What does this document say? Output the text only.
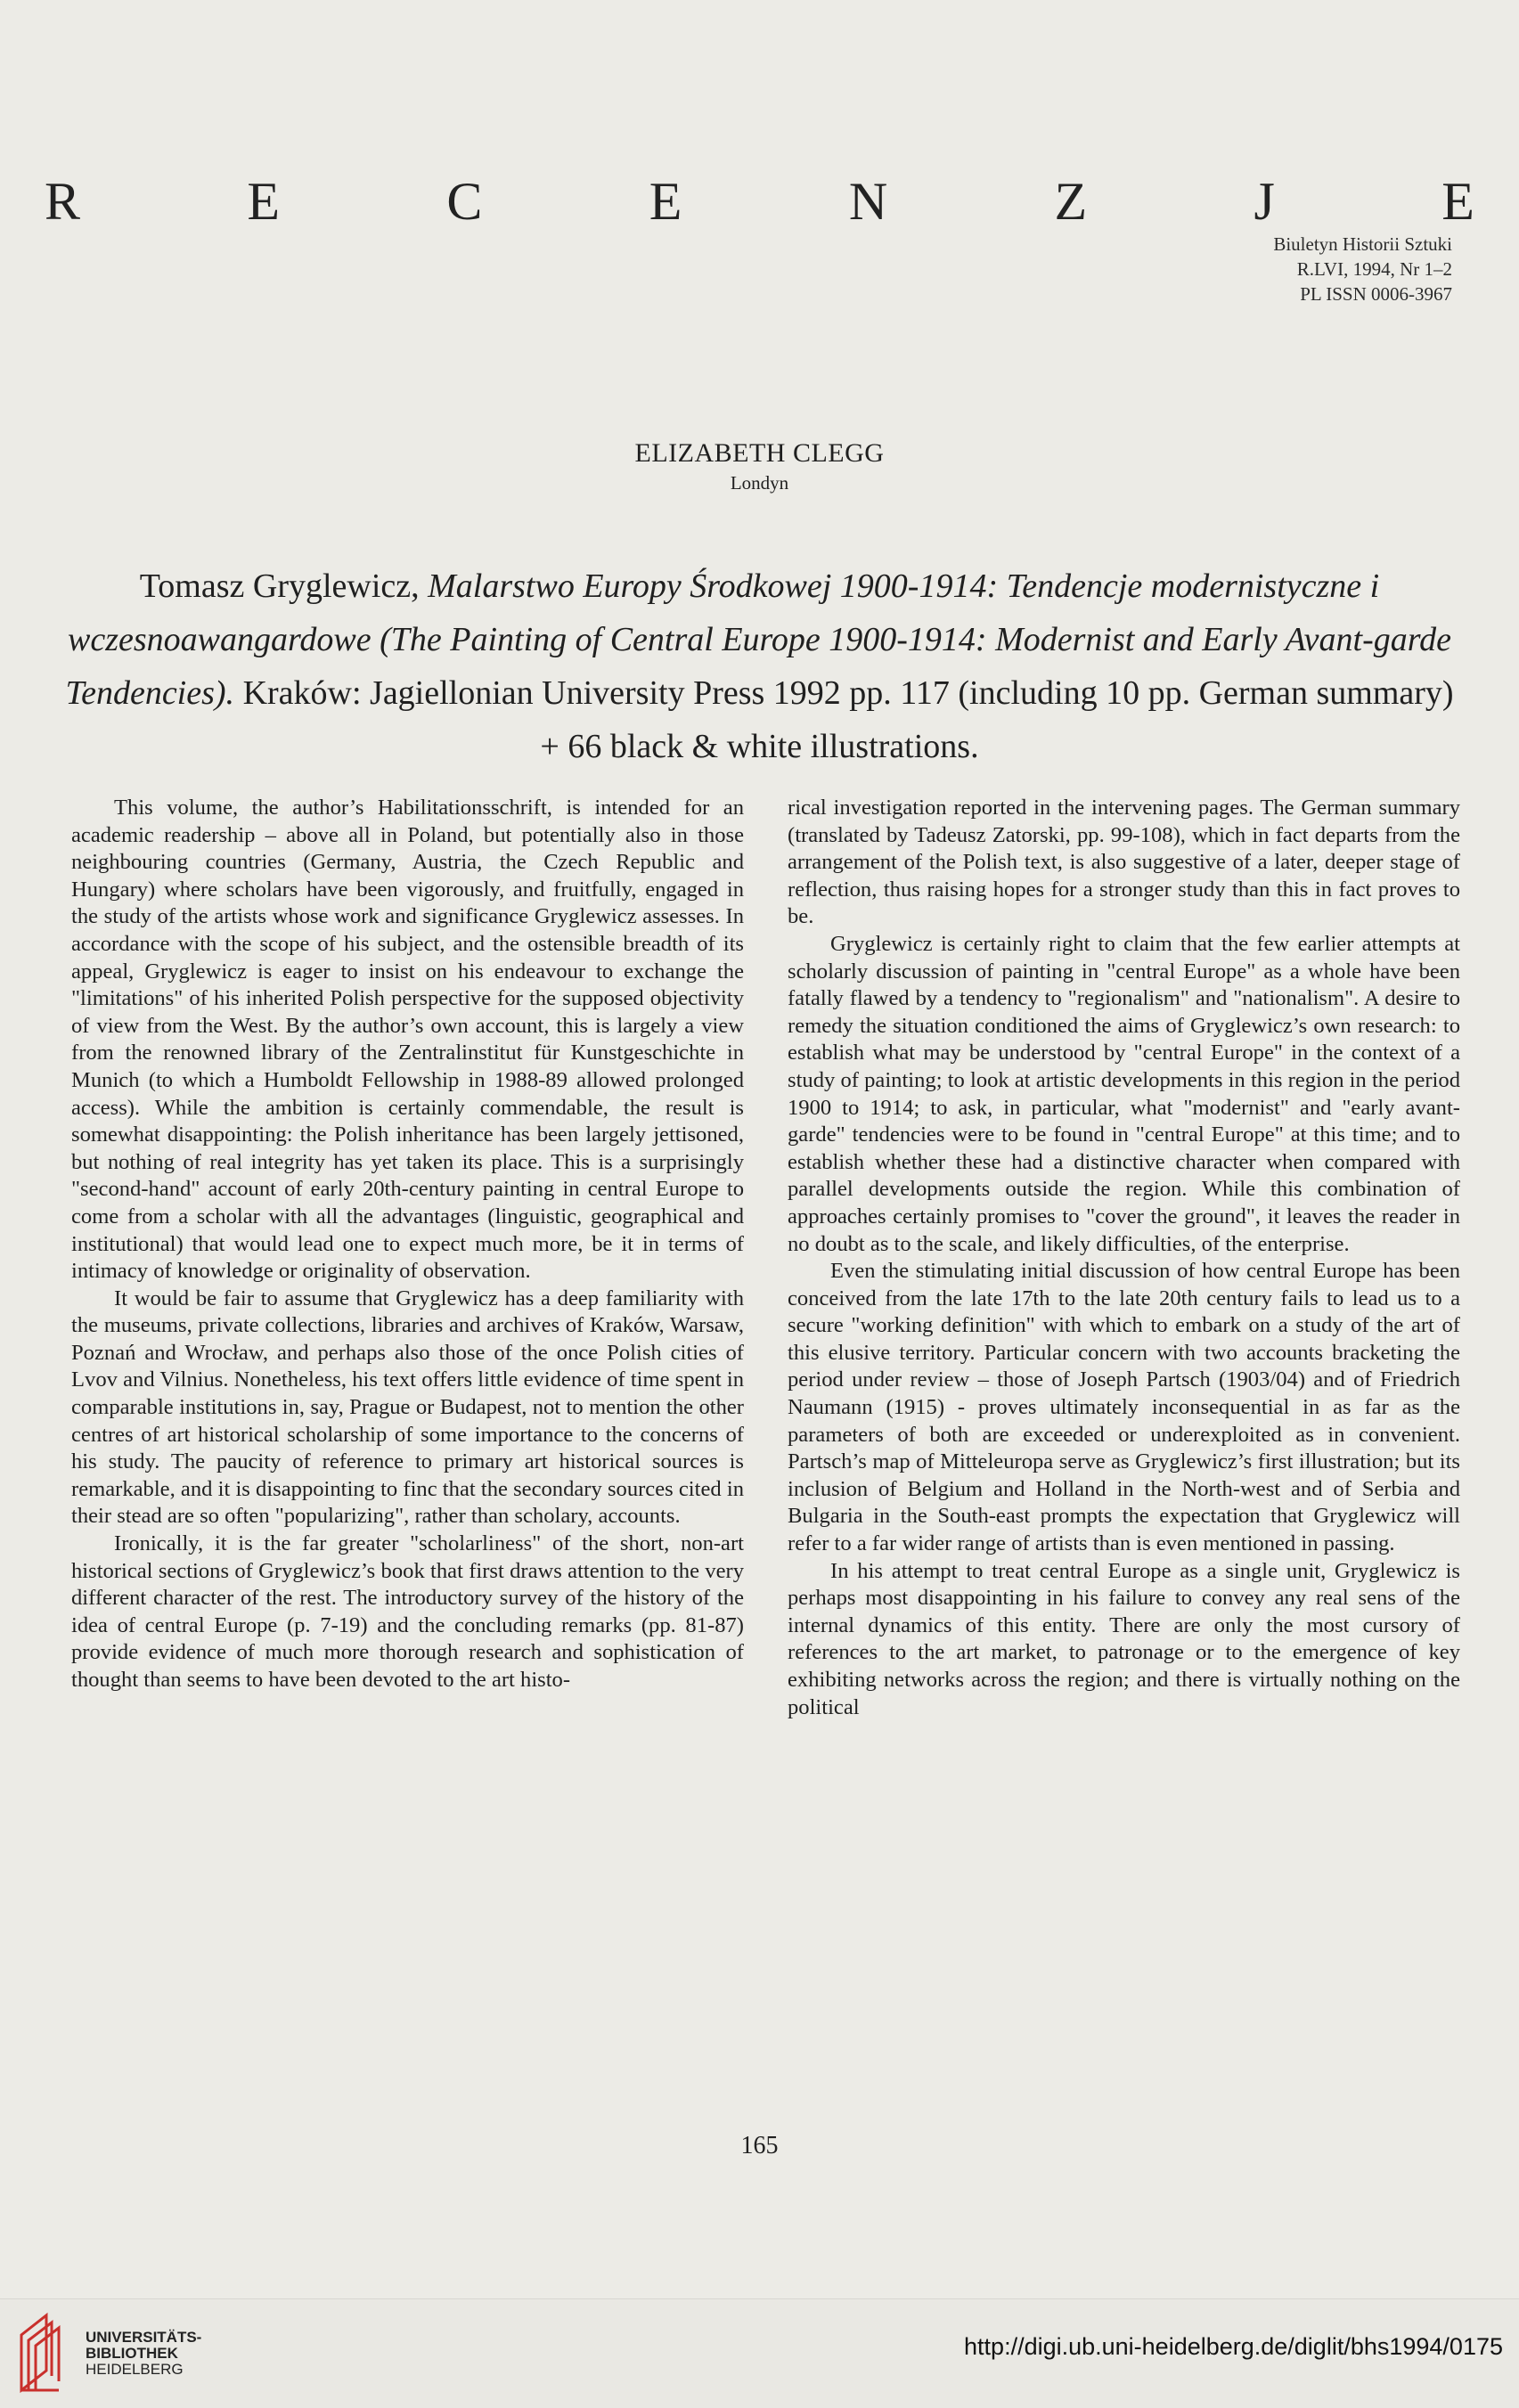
R	E	C	E	N	Z	J	E
Biuletyn Historii Sztuki
R.LVI, 1994, Nr 1–2
PL ISSN 0006-3967
ELIZABETH CLEGG
Londyn
Tomasz Gryglewicz, Malarstwo Europy Środkowej 1900-1914: Tendencje modernistyczne i wczesnoawangardowe (The Painting of Central Europe 1900-1914: Modernist and Early Avant-garde Tendencies). Kraków: Jagiellonian University Press 1992 pp. 117 (including 10 pp. German summary) + 66 black & white illustrations.

This volume, the author’s Habilitationsschrift, is intended for an academic readership – above all in Poland, but potentially also in those neighbouring countries (Germany, Austria, the Czech Republic and Hungary) where scholars have been vigorously, and fruitfully, engaged in the study of the artists whose work and significance Gryglewicz assesses. In accordance with the scope of his subject, and the ostensible breadth of its appeal, Gryglewicz is eager to insist on his endeavour to exchange the "limitations" of his inherited Polish perspective for the supposed objectivity of view from the West. By the author’s own account, this is largely a view from the renowned library of the Zentralinstitut für Kunstgeschichte in Munich (to which a Humboldt Fellowship in 1988-89 allowed prolonged access). While the ambition is certainly commendable, the result is somewhat disappointing: the Polish inheritance has been largely jettisoned, but nothing of real integrity has yet taken its place. This is a surprisingly "second-hand" account of early 20th-century painting in central Europe to come from a scholar with all the advantages (linguistic, geographical and institutional) that would lead one to expect much more, be it in terms of intimacy of knowledge or originality of observation.

It would be fair to assume that Gryglewicz has a deep familiarity with the museums, private collections, libraries and archives of Kraków, Warsaw, Poznań and Wrocław, and perhaps also those of the once Polish cities of Lvov and Vilnius. Nonetheless, his text offers little evidence of time spent in comparable institutions in, say, Prague or Budapest, not to mention the other centres of art historical scholarship of some importance to the concerns of his study. The paucity of reference to primary art historical sources is remarkable, and it is disappointing to finc that the secondary sources cited in their stead are so often "popularizing", rather than scholary, accounts.

Ironically, it is the far greater "scholarliness" of the short, non-art historical sections of Gryglewicz’s book that first draws attention to the very different character of the rest. The introductory survey of the history of the idea of central Europe (p. 7-19) and the concluding remarks (pp. 81-87) provide evidence of much more thorough research and sophistication of thought than seems to have been devoted to the art histo-

rical investigation reported in the intervening pages. The German summary (translated by Tadeusz Zatorski, pp. 99-108), which in fact departs from the arrangement of the Polish text, is also suggestive of a later, deeper stage of reflection, thus raising hopes for a stronger study than this in fact proves to be.

Gryglewicz is certainly right to claim that the few earlier attempts at scholarly discussion of painting in "central Europe" as a whole have been fatally flawed by a tendency to "regionalism" and "nationalism". A desire to remedy the situation conditioned the aims of Gryglewicz’s own research: to establish what may be understood by "central Europe" in the context of a study of painting; to look at artistic developments in this region in the period 1900 to 1914; to ask, in particular, what "modernist" and "early avant-garde" tendencies were to be found in "central Europe" at this time; and to establish whether these had a distinctive character when compared with parallel developments outside the region. While this combination of approaches certainly promises to "cover the ground", it leaves the reader in no doubt as to the scale, and likely difficulties, of the enterprise.

Even the stimulating initial discussion of how central Europe has been conceived from the late 17th to the late 20th century fails to lead us to a secure "working definition" with which to embark on a study of the art of this elusive territory. Particular concern with two accounts bracketing the period under review – those of Joseph Partsch (1903/04) and of Friedrich Naumann (1915) - proves ultimately inconsequential in as far as the parameters of both are exceeded or underexploited as in convenient. Partsch’s map of Mitteleuropa serve as Gryglewicz’s first illustration; but its inclusion of Belgium and Holland in the North-west and of Serbia and Bulgaria in the South-east prompts the expectation that Gryglewicz will refer to a far wider range of artists than is even mentioned in passing.

In his attempt to treat central Europe as a single unit, Gryglewicz is perhaps most disappointing in his failure to convey any real sens of the internal dynamics of this entity. There are only the most cursory of references to the art market, to patronage or to the emergence of key exhibiting networks across the region; and there is virtually nothing on the political

165
UNIVERSITÄTS-
BIBLIOTHEK
HEIDELBERG
http://digi.ub.uni-heidelberg.de/diglit/bhs1994/0175
